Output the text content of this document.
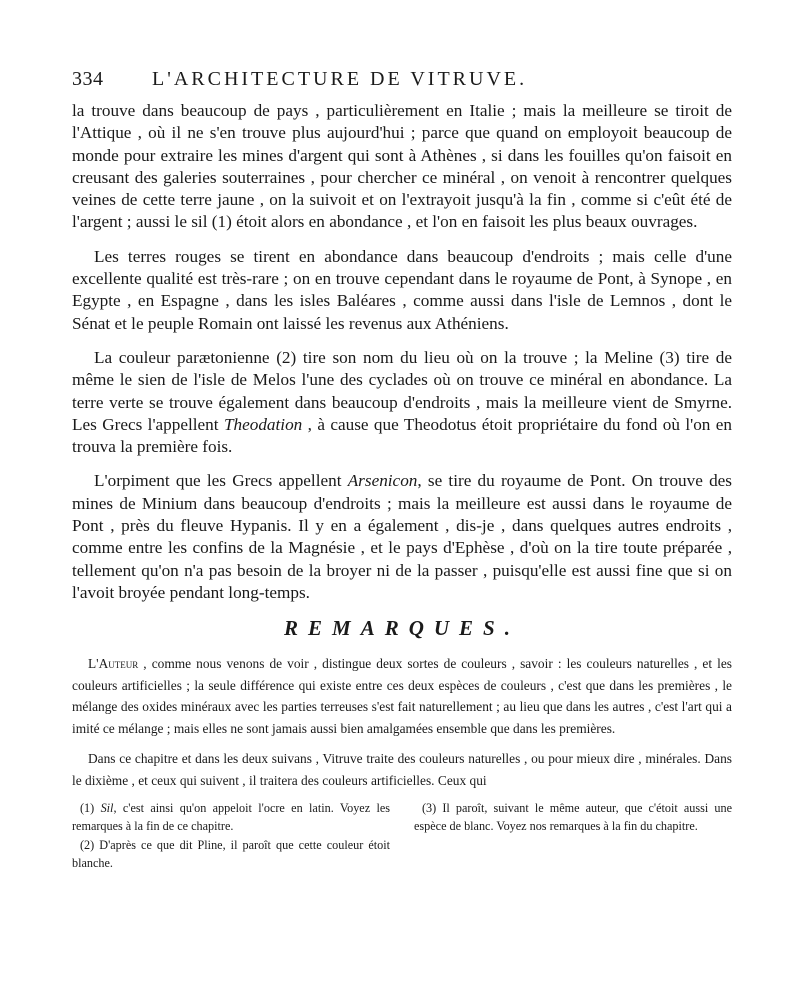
334 L'ARCHITECTURE DE VITRUVE.

la trouve dans beaucoup de pays , particulièrement en Italie ; mais la meilleure se tiroit de l'Attique , où il ne s'en trouve plus aujourd'hui ; parce que quand on employoit beaucoup de monde pour extraire les mines d'argent qui sont à Athènes , si dans les fouilles qu'on faisoit en creusant des galeries souterraines , pour chercher ce minéral , on venoit à rencontrer quelques veines de cette terre jaune , on la suivoit et on l'extrayoit jusqu'à la fin , comme si c'eût été de l'argent ; aussi le sil (1) étoit alors en abondance , et l'on en faisoit les plus beaux ouvrages.

Les terres rouges se tirent en abondance dans beaucoup d'endroits ; mais celle d'une excellente qualité est très-rare ; on en trouve cependant dans le royaume de Pont, à Synope , en Egypte , en Espagne , dans les isles Baléares , comme aussi dans l'isle de Lemnos , dont le Sénat et le peuple Romain ont laissé les revenus aux Athéniens.

La couleur parætonienne (2) tire son nom du lieu où on la trouve ; la Meline (3) tire de même le sien de l'isle de Melos l'une des cyclades où on trouve ce minéral en abondance. La terre verte se trouve également dans beaucoup d'endroits , mais la meilleure vient de Smyrne. Les Grecs l'appellent Theodation , à cause que Theodotus étoit propriétaire du fond où l'on en trouva la première fois.

L'orpiment que les Grecs appellent Arsenicon, se tire du royaume de Pont. On trouve des mines de Minium dans beaucoup d'endroits ; mais la meilleure est aussi dans le royaume de Pont , près du fleuve Hypanis. Il y en a également , dis-je , dans quelques autres endroits , comme entre les confins de la Magnésie , et le pays d'Ephèse , d'où on la tire toute préparée , tellement qu'on n'a pas besoin de la broyer ni de la passer , puisqu'elle est aussi fine que si on l'avoit broyée pendant long-temps.

REMARQUES.

L'Auteur , comme nous venons de voir , distingue deux sortes de couleurs , savoir : les couleurs naturelles , et les couleurs artificielles ; la seule différence qui existe entre ces deux espèces de couleurs , c'est que dans les premières , le mélange des oxides minéraux avec les parties terreuses s'est fait naturellement ; au lieu que dans les autres , c'est l'art qui a imité ce mélange ; mais elles ne sont jamais aussi bien amalgamées ensemble que dans les premières.

Dans ce chapitre et dans les deux suivans , Vitruve traite des couleurs naturelles , ou pour mieux dire , minérales. Dans le dixième , et ceux qui suivent , il traitera des couleurs artificielles. Ceux qui

(1) Sil, c'est ainsi qu'on appeloit l'ocre en latin. Voyez les remarques à la fin de ce chapitre.

(2) D'après ce que dit Pline, il paroît que cette couleur étoit blanche.

(3) Il paroît, suivant le même auteur, que c'étoit aussi une espèce de blanc. Voyez nos remarques à la fin du chapitre.
